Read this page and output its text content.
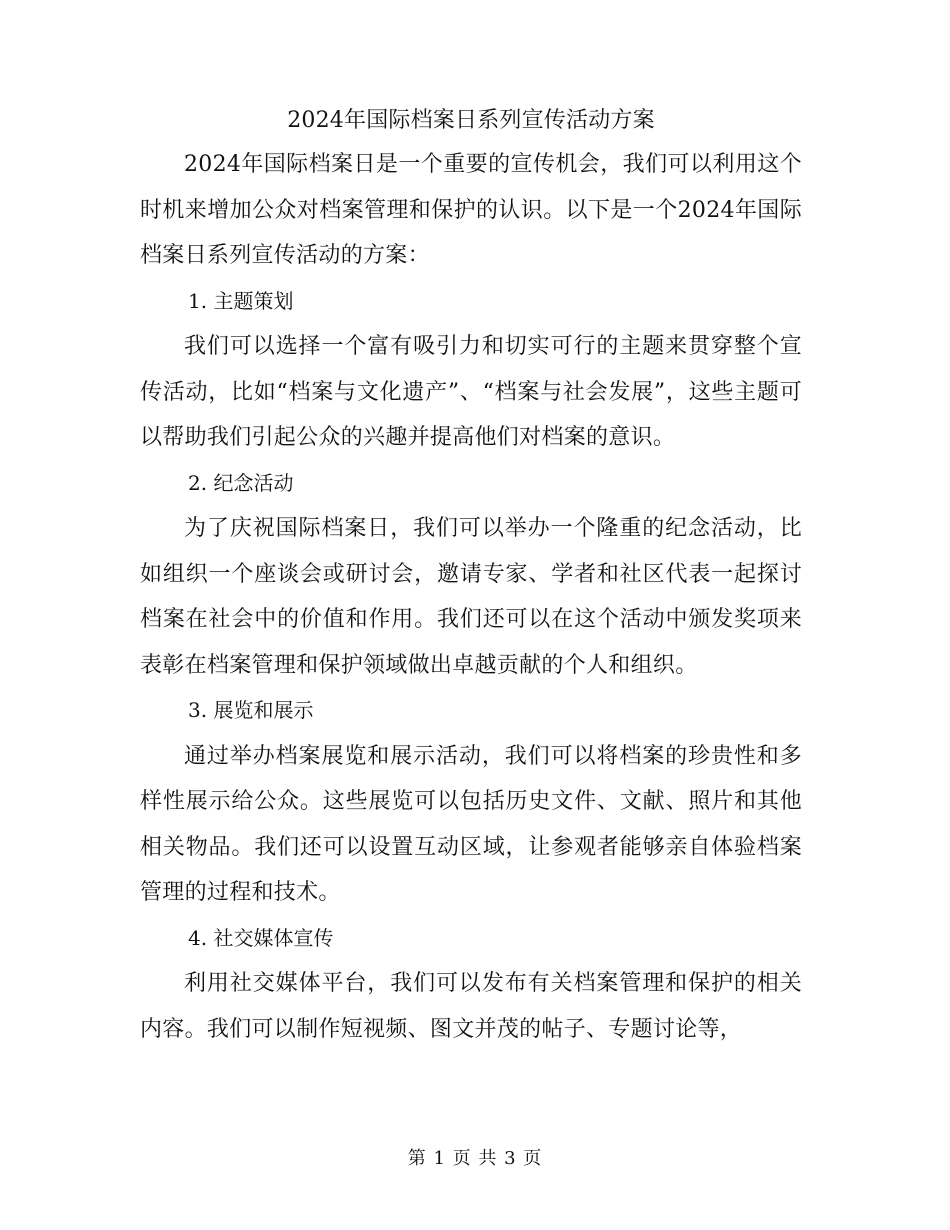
2024年国际档案日系列宣传活动方案

2024年国际档案日是一个重要的宣传机会，我们可以利用这个时机来增加公众对档案管理和保护的认识。以下是一个2024年国际档案日系列宣传活动的方案：

1. 主题策划

我们可以选择一个富有吸引力和切实可行的主题来贯穿整个宣传活动，比如“档案与文化遗产”、“档案与社会发展”，这些主题可以帮助我们引起公众的兴趣并提高他们对档案的意识。

2. 纪念活动

为了庆祝国际档案日，我们可以举办一个隆重的纪念活动，比如组织一个座谈会或研讨会，邀请专家、学者和社区代表一起探讨档案在社会中的价值和作用。我们还可以在这个活动中颁发奖项来表彰在档案管理和保护领域做出卓越贡献的个人和组织。

3. 展览和展示

通过举办档案展览和展示活动，我们可以将档案的珍贵性和多样性展示给公众。这些展览可以包括历史文件、文献、照片和其他相关物品。我们还可以设置互动区域，让参观者能够亲自体验档案管理的过程和技术。

4. 社交媒体宣传

利用社交媒体平台，我们可以发布有关档案管理和保护的相关内容。我们可以制作短视频、图文并茂的帖子、专题讨论等，

第 1 页 共 3 页
